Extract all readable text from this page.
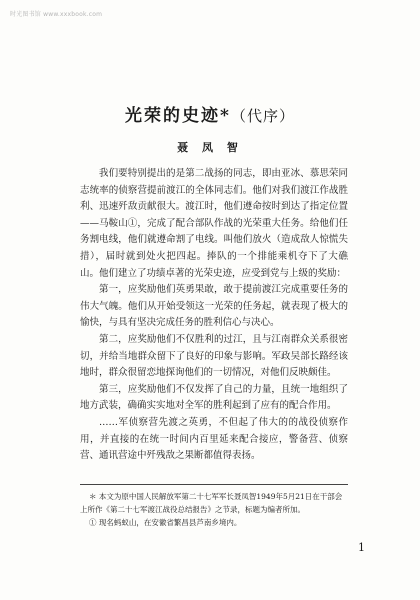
时光图书馆 www.xxxbook.com
光荣的史迹*（代序）
聂 凤 智

我们要特别提出的是第二战扬的同志，即由亚冰、慕思荣同志统率的侦察营提前渡江的全体同志们。他们对我们渡江作战胜利、迅速歼敌贡献很大。渡江时，他们遵命按时到达了指定位置——马鞍山①，完成了配合部队作战的光荣重大任务。给他们任务割电线，他们就遵命割了电线。叫他们放火（造成敌人惊慌失措），届时就到处火把四起。捧队的一个排能乘机夺下了大礁山。他们建立了功绩卓著的光荣史迹，应受到党与上级的奖励：

第一，应奖励他们英勇果敢，敢于提前渡江完成重要任务的伟大气魄。他们从开始受领这一光荣的任务起，就表现了极大的愉快，与具有坚决完成任务的胜利信心与决心。

第二，应奖励他们不仅胜利的过江，且与江南群众关系很密切，并给当地群众留下了良好的印象与影响。军政吴部长路经该地时，群众很留恋地探询他们的一切情况，对他们反映颇佳。

第三，应奖励他们不仅发挥了自己的力量，且统一地组织了地方武装，确确实实地对全军的胜利起到了应有的配合作用。

……军侦察营先渡之英勇，不但起了伟大的的战役侦察作用，并直接的在统一时间内百里延来配合接应，警备营、侦察营、通讯营途中歼残敌之果断都值得表扬。

＊ 本文为原中国人民解放军第二十七军军长聂凤智1949年5月21日在干部会上所作《第二十七军渡江战役总结报告》之节录，标题为编者所加。

① 现名蚂蚁山，在安徽省繁昌县芦南乡境内。

1
